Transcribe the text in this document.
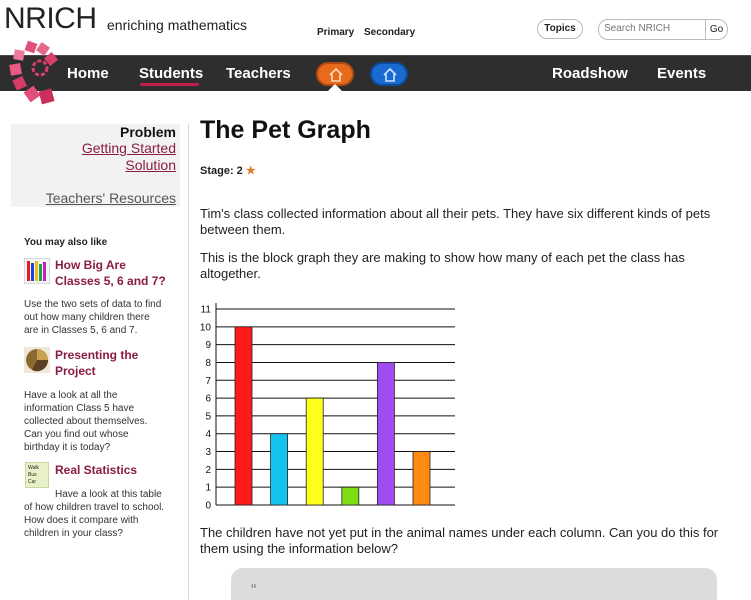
NRICH enriching mathematics	Primary Secondary	Topics	Search NRICH	Go
Home Students Teachers	Roadshow Events
Problem
Getting Started
Solution
Teachers' Resources
You may also like
How Big Are
Classes 5, 6 and 7?
Use the two sets of data to find
out how many children there
are in Classes 5, 6 and 7.
Presenting the
Project
Have a look at all the
information Class 5 have
collected about themselves.
Can you find out whose
birthday it is today?
Walk
Bus
Car
Real Statistics
Have a look at this table
of how children travel to school.
How does it compare with
children in your class?
The Pet Graph
Stage: 2 ★
Tim's class collected information about all their pets. They have six different kinds of pets
between them.
This is the block graph they are making to show how many of each pet the class has
altogether.
0
1
2
3
4
5
6
7
8
9
10
11
The children have not yet put in the animal names under each column. Can you do this for
them using the information below?
“
